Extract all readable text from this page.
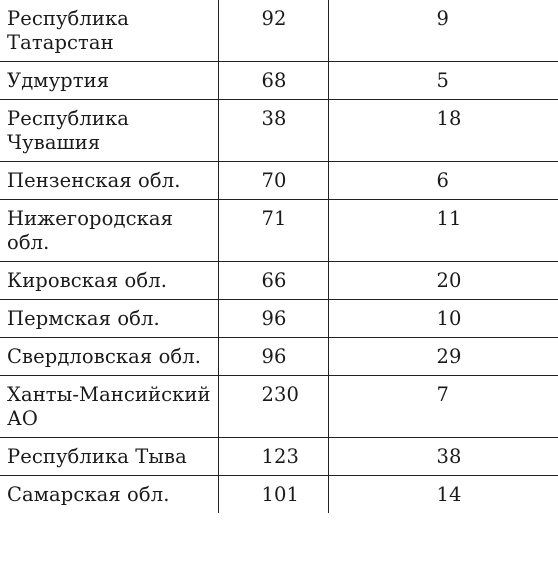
Республика Татарстан	92	9
Удмуртия	68	5
Республика Чувашия	38	18
Пензенская обл.	70	6
Нижегородская обл.	71	11
Кировская обл.	66	20
Пермская обл.	96	10
Свердловская обл.	96	29
Ханты-Мансийский АО	230	7
Республика Тыва	123	38
Самарская обл.	101	14
